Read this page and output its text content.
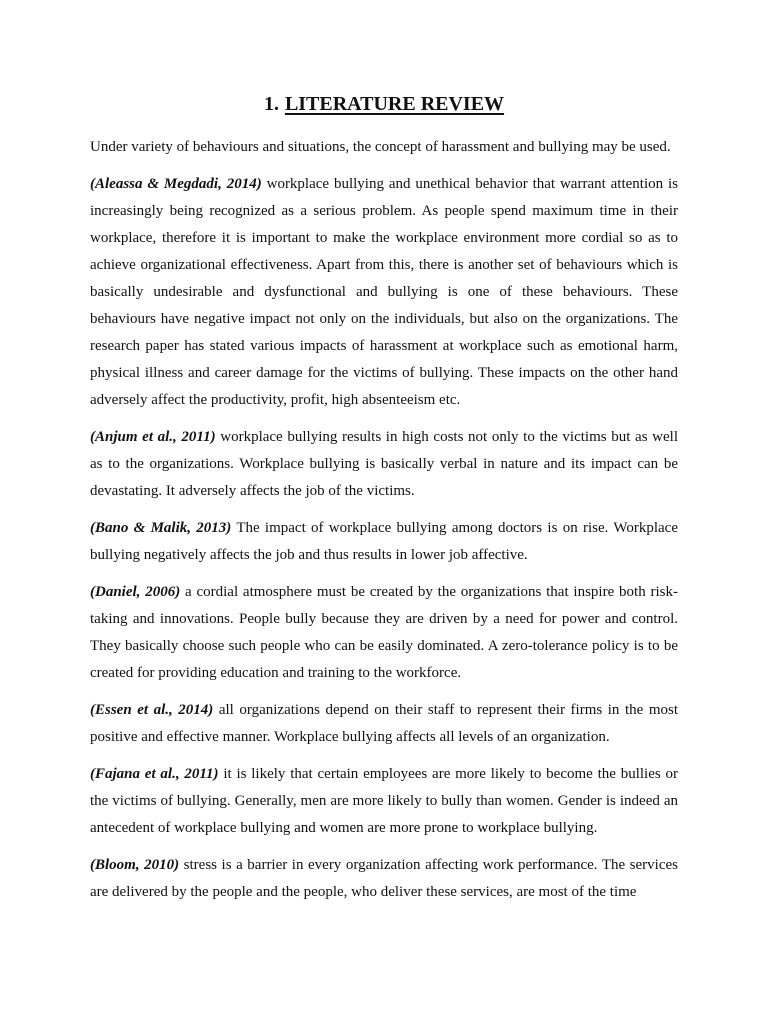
1. LITERATURE REVIEW

Under variety of behaviours and situations, the concept of harassment and bullying may be used.

(Aleassa & Megdadi, 2014) workplace bullying and unethical behavior that warrant attention is increasingly being recognized as a serious problem. As people spend maximum time in their workplace, therefore it is important to make the workplace environment more cordial so as to achieve organizational effectiveness. Apart from this, there is another set of behaviours which is basically undesirable and dysfunctional and bullying is one of these behaviours. These behaviours have negative impact not only on the individuals, but also on the organizations. The research paper has stated various impacts of harassment at workplace such as emotional harm, physical illness and career damage for the victims of bullying. These impacts on the other hand adversely affect the productivity, profit, high absenteeism etc.

(Anjum et al., 2011) workplace bullying results in high costs not only to the victims but as well as to the organizations. Workplace bullying is basically verbal in nature and its impact can be devastating. It adversely affects the job of the victims.

(Bano & Malik, 2013) The impact of workplace bullying among doctors is on rise. Workplace bullying negatively affects the job and thus results in lower job affective.

(Daniel, 2006) a cordial atmosphere must be created by the organizations that inspire both risk-taking and innovations. People bully because they are driven by a need for power and control. They basically choose such people who can be easily dominated. A zero-tolerance policy is to be created for providing education and training to the workforce.

(Essen et al., 2014) all organizations depend on their staff to represent their firms in the most positive and effective manner. Workplace bullying affects all levels of an organization.

(Fajana et al., 2011) it is likely that certain employees are more likely to become the bullies or the victims of bullying. Generally, men are more likely to bully than women. Gender is indeed an antecedent of workplace bullying and women are more prone to workplace bullying.

(Bloom, 2010) stress is a barrier in every organization affecting work performance. The services are delivered by the people and the people, who deliver these services, are most of the time
